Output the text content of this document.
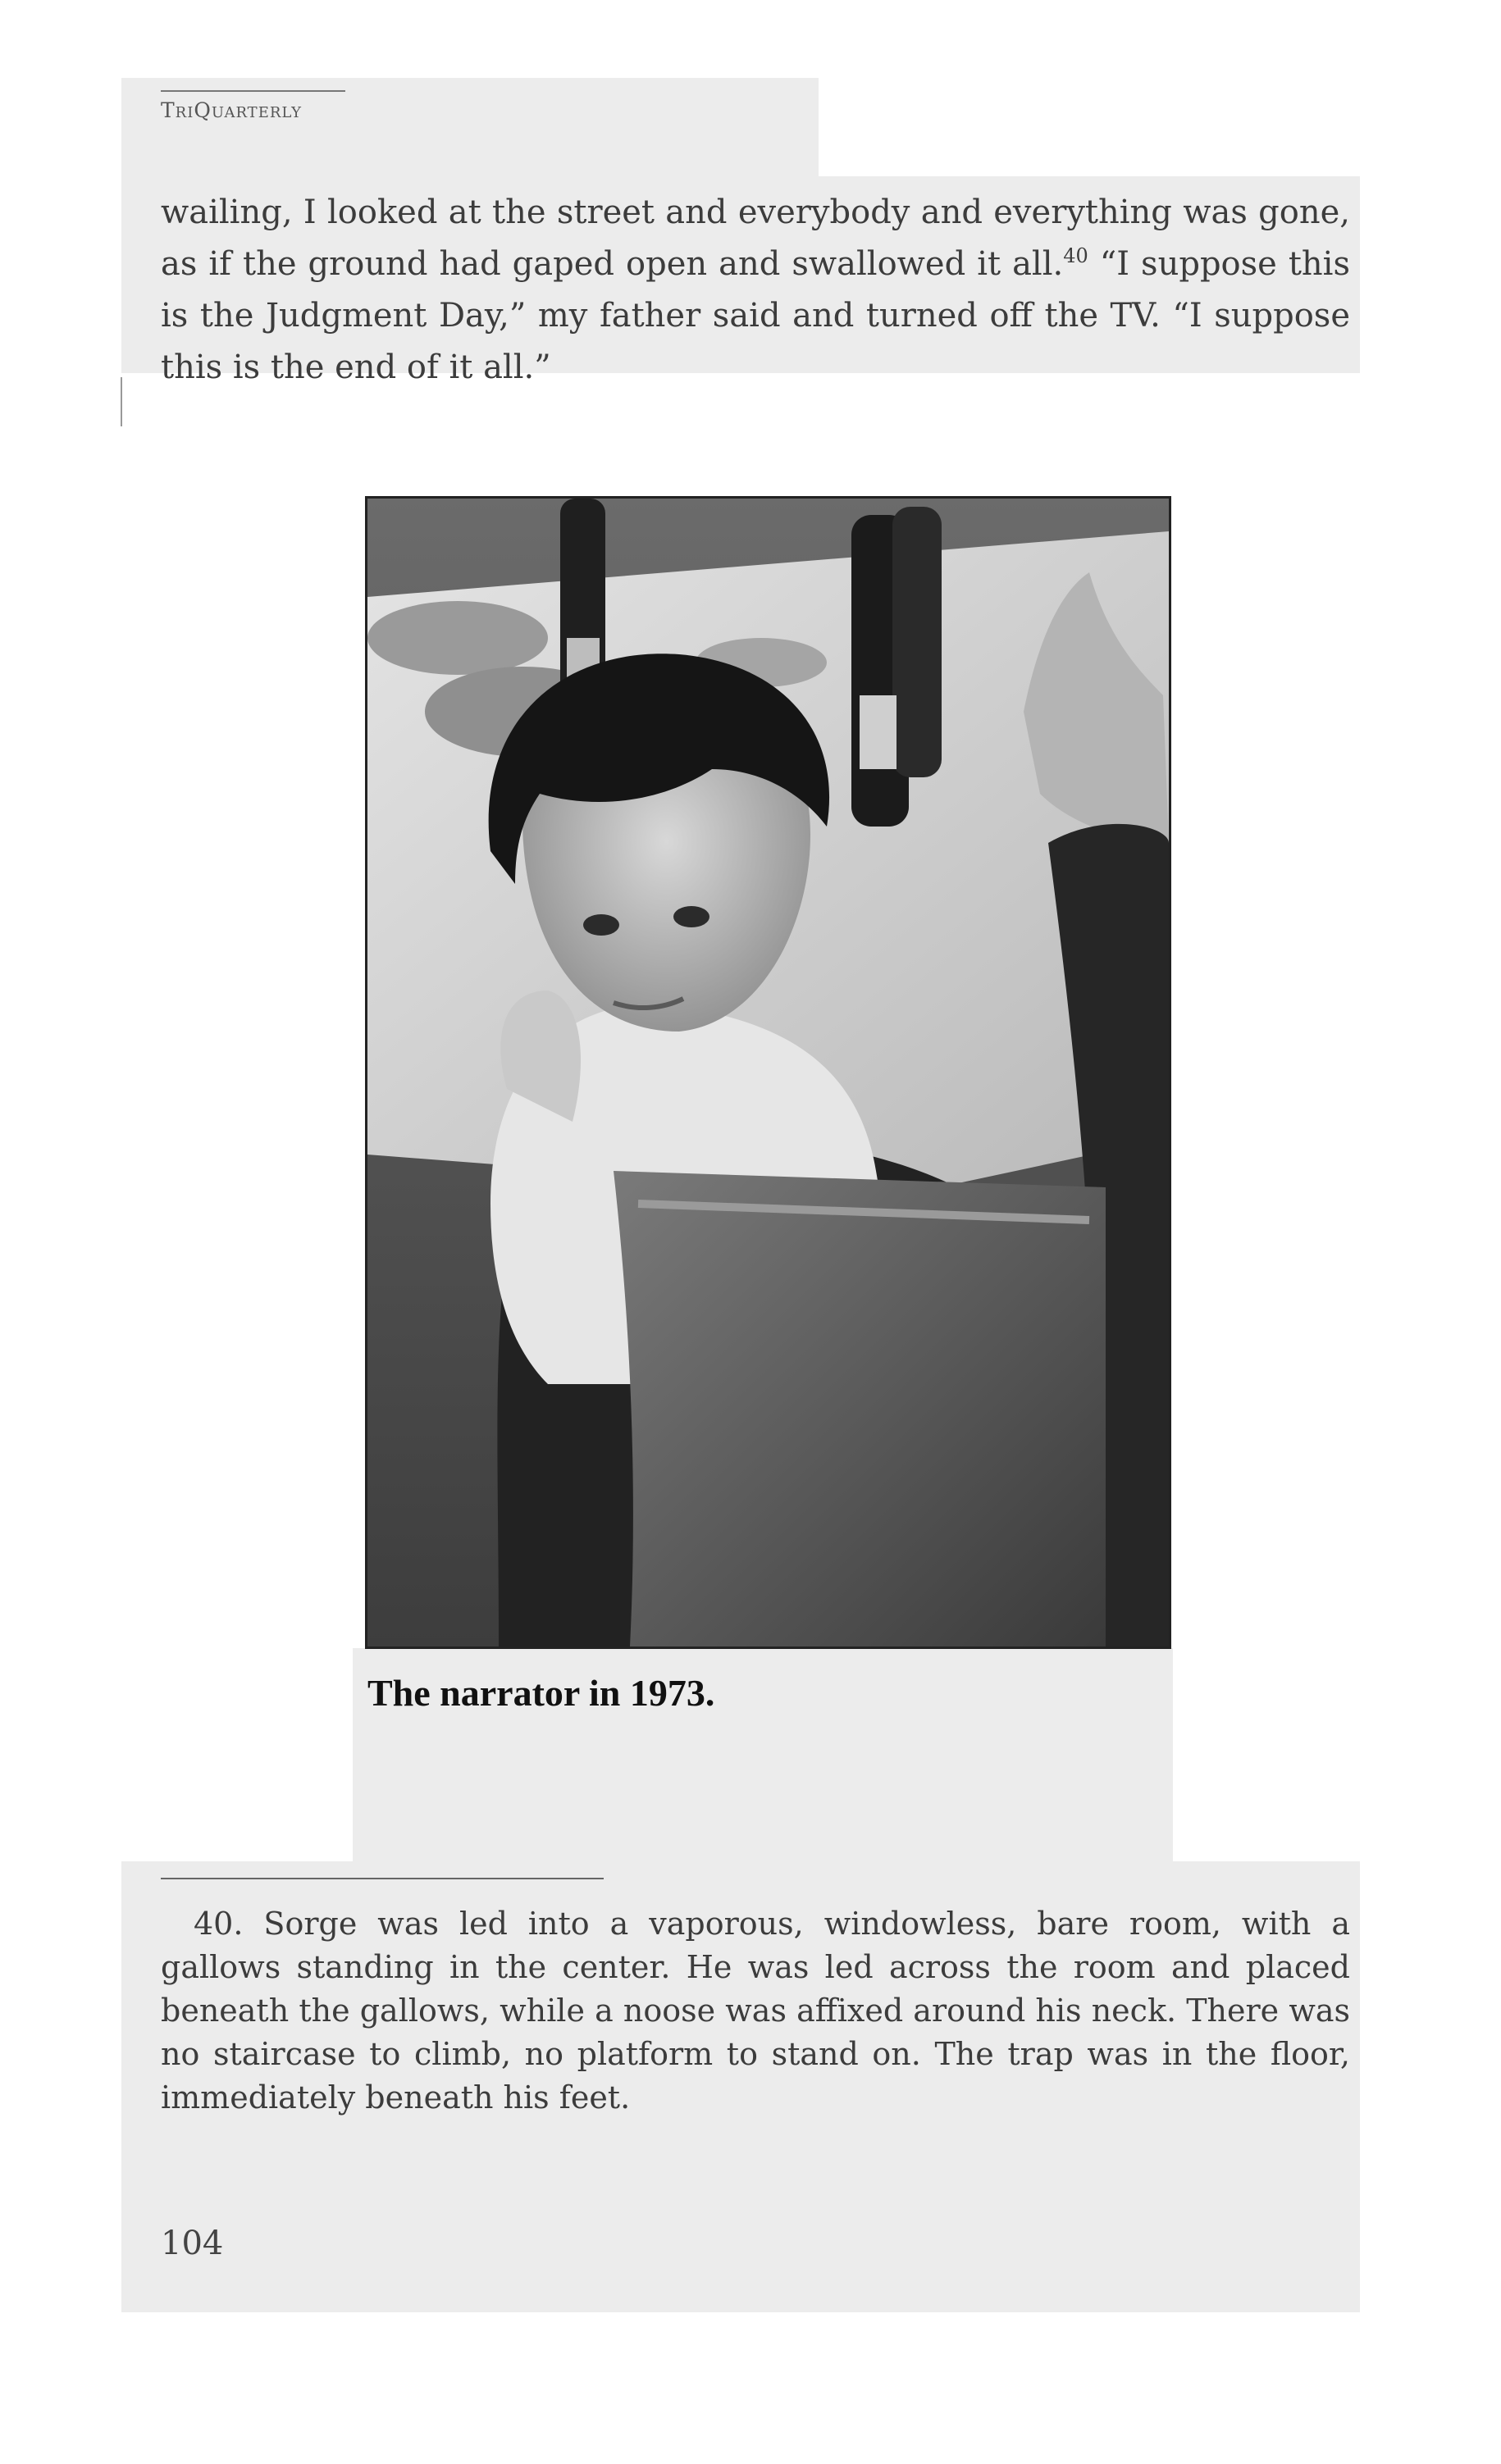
TriQuarterly

wailing, I looked at the street and everybody and everything was gone, as if the ground had gaped open and swallowed it all.$^{40}$ “I suppose this is the Judgment Day,” my father said and turned off the TV. “I suppose this is the end of it all.”

The narrator in 1973.

40. Sorge was led into a vaporous, windowless, bare room, with a gallows standing in the center. He was led across the room and placed beneath the gallows, while a noose was affixed around his neck. There was no staircase to climb, no platform to stand on. The trap was in the floor, immediately beneath his feet.

104
